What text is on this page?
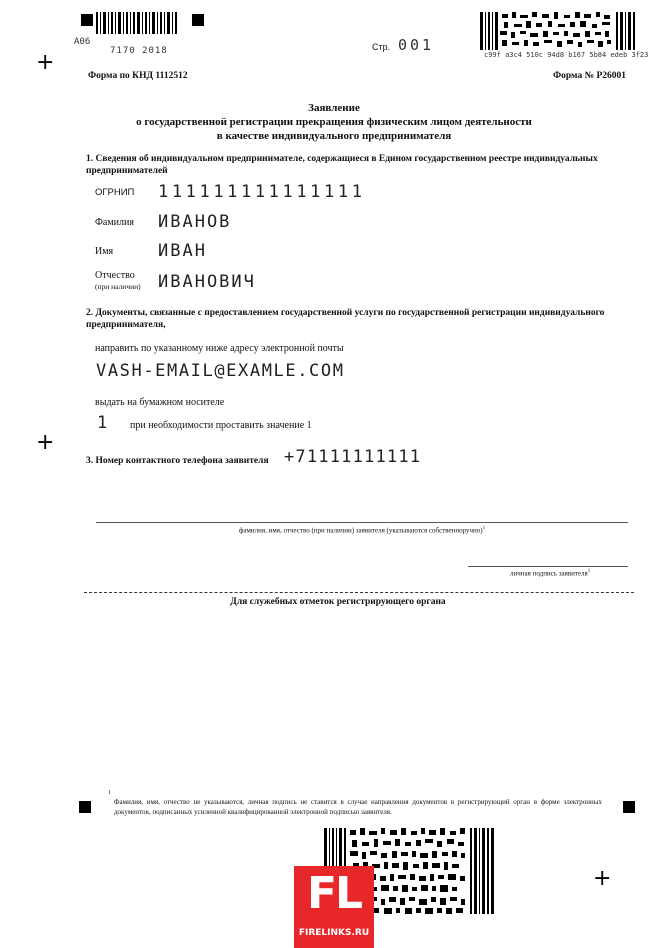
А06
7170 2018	Стр. 001
c99f a3c4 510c 94d8 b167 5b84 edeb 3f23
+
+
+
Форма по КНД 1112512	Форма № Р26001
Заявление
о государственной регистрации прекращения физическим лицом деятельности
в качестве индивидуального предпринимателя
1. Сведения об индивидуальном предпринимателе, содержащиеся в Едином государственном реестре индивидуальных предпринимателей
ОГРНИП 111111111111111
Фамилия ИВАНОВ
Имя	ИВАН
Отчество
(при наличии) ИВАНОВИЧ
2. Документы, связанные с предоставлением государственной услуги по государственной регистрации индивидуального предпринимателя,
направить по указанному ниже адресу электронной почты
VASH-EMAIL@EXAMLE.COM
выдать на бумажном носителе
1 при необходимости проставить значение 1
3. Номер контактного телефона заявителя +71111111111
фамилия, имя, отчество (при наличии) заявителя (указываются собственноручно)$^1$
личная подпись заявителя$^1$
Для служебных отметок регистрирующего органа
1
Фамилия, имя, отчество не указываются, личная подпись не ставится в случае направления документов в регистрирующий орган в форме электронных документов, подписанных усиленной квалифицированной электронной подписью заявителя.
FL
FIRELINKS.RU
